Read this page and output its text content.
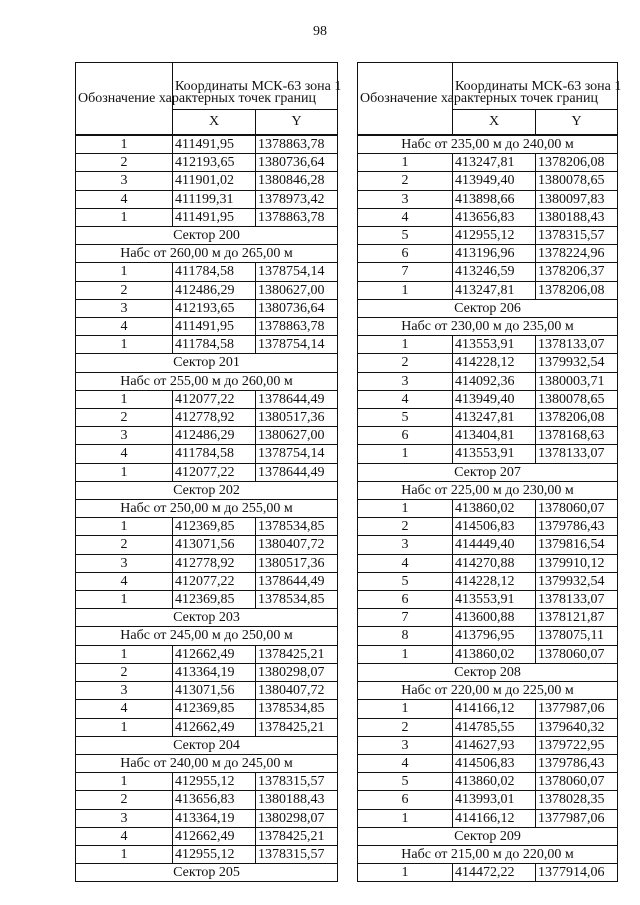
98
Обозначение характерных точек границ	Координаты МСК-63 зона 1	
	X	Y

1	411491,95	1378863,78
2	412193,65	1380736,64
3	411901,02	1380846,28
4	411199,31	1378973,42
1	411491,95	1378863,78
Сектор 200		
Набс от 260,00 м до 265,00 м		
1	411784,58	1378754,14
2	412486,29	1380627,00
3	412193,65	1380736,64
4	411491,95	1378863,78
1	411784,58	1378754,14
Сектор 201		
Набс от 255,00 м до 260,00 м		
1	412077,22	1378644,49
2	412778,92	1380517,36
3	412486,29	1380627,00
4	411784,58	1378754,14
1	412077,22	1378644,49
Сектор 202		
Набс от 250,00 м до 255,00 м		
1	412369,85	1378534,85
2	413071,56	1380407,72
3	412778,92	1380517,36
4	412077,22	1378644,49
1	412369,85	1378534,85
Сектор 203		
Набс от 245,00 м до 250,00 м		
1	412662,49	1378425,21
2	413364,19	1380298,07
3	413071,56	1380407,72
4	412369,85	1378534,85
1	412662,49	1378425,21
Сектор 204		
Набс от 240,00 м до 245,00 м		
1	412955,12	1378315,57
2	413656,83	1380188,43
3	413364,19	1380298,07
4	412662,49	1378425,21
1	412955,12	1378315,57
Сектор 205		
Обозначение характерных точек границ	Координаты МСК-63 зона 1	
	X	Y

Набс от 235,00 м до 240,00 м		
1	413247,81	1378206,08
2	413949,40	1380078,65
3	413898,66	1380097,83
4	413656,83	1380188,43
5	412955,12	1378315,57
6	413196,96	1378224,96
7	413246,59	1378206,37
1	413247,81	1378206,08
Сектор 206		
Набс от 230,00 м до 235,00 м		
1	413553,91	1378133,07
2	414228,12	1379932,54
3	414092,36	1380003,71
4	413949,40	1380078,65
5	413247,81	1378206,08
6	413404,81	1378168,63
1	413553,91	1378133,07
Сектор 207		
Набс от 225,00 м до 230,00 м		
1	413860,02	1378060,07
2	414506,83	1379786,43
3	414449,40	1379816,54
4	414270,88	1379910,12
5	414228,12	1379932,54
6	413553,91	1378133,07
7	413600,88	1378121,87
8	413796,95	1378075,11
1	413860,02	1378060,07
Сектор 208		
Набс от 220,00 м до 225,00 м		
1	414166,12	1377987,06
2	414785,55	1379640,32
3	414627,93	1379722,95
4	414506,83	1379786,43
5	413860,02	1378060,07
6	413993,01	1378028,35
1	414166,12	1377987,06
Сектор 209		
Набс от 215,00 м до 220,00 м		
1	414472,22	1377914,06
